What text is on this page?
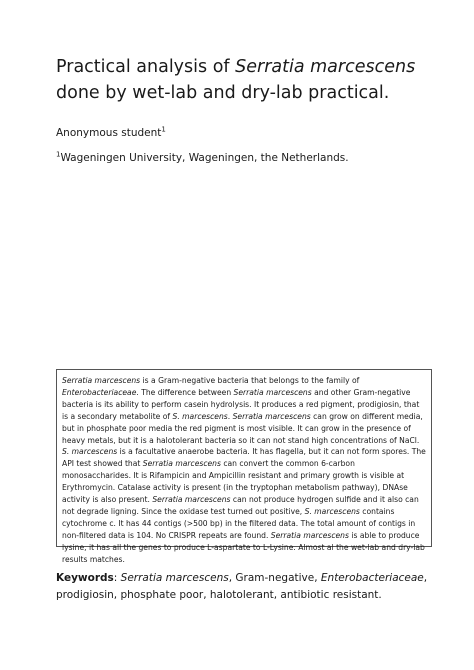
Practical analysis of Serratia marcescens done by wet-lab and dry-lab practical.
Anonymous student$^1$
$^1$Wageningen University, Wageningen, the Netherlands.

Serratia marcescens is a Gram-negative bacteria that belongs to the family of Enterobacteriaceae. The difference between Serratia marcescens and other Gram-negative bacteria is its ability to perform casein hydrolysis. It produces a red pigment, prodigiosin, that is a secondary metabolite of S. marcescens. Serratia marcescens can grow on different media, but in phosphate poor media the red pigment is most visible. It can grow in the presence of heavy metals, but it is a halotolerant bacteria so it can not stand high concentrations of NaCl. S. marcescens is a facultative anaerobe bacteria. It has flagella, but it can not form spores. The API test showed that Serratia marcescens can convert the common 6-carbon monosaccharides. It is Rifampicin and Ampicillin resistant and primary growth is visible at Erythromycin. Catalase activity is present (in the tryptophan metabolism pathway), DNAse activity is also present. Serratia marcescens can not produce hydrogen sulfide and it also can not degrade ligning. Since the oxidase test turned out positive, S. marcescens contains cytochrome c. It has 44 contigs (>500 bp) in the filtered data. The total amount of contigs in non-filtered data is 104. No CRISPR repeats are found. Serratia marcescens is able to produce lysine, it has all the genes to produce L-aspartate to L-Lysine. Almost al the wet-lab and dry-lab results matches.

Keywords: Serratia marcescens, Gram-negative, Enterobacteriaceae, prodigiosin, phosphate poor, halotolerant, antibiotic resistant.
